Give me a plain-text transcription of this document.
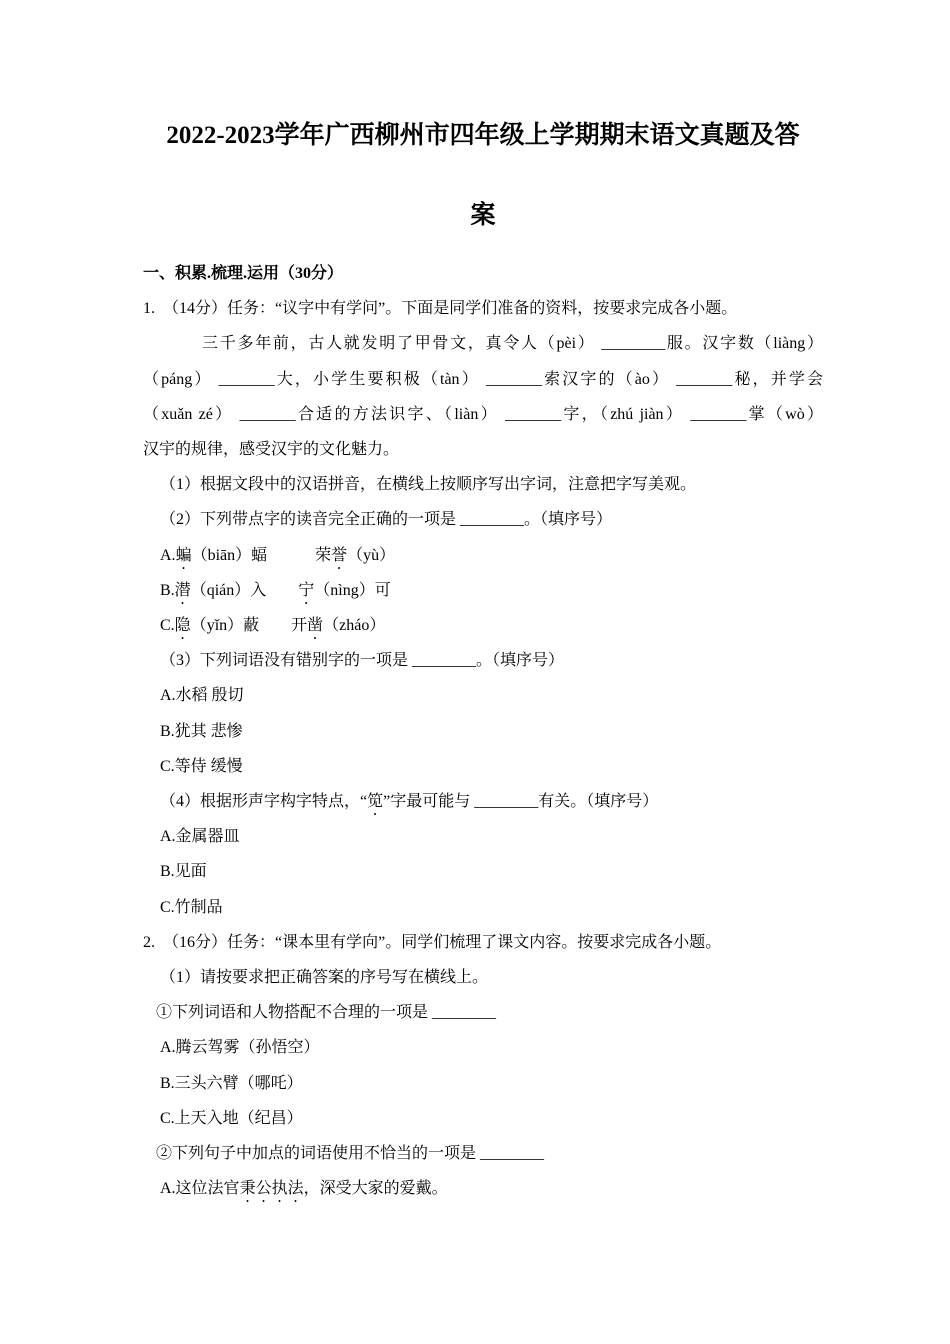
2022-2023学年广西柳州市四年级上学期期末语文真题及答
案

一、积累.梳理.运用（30分）

1.　（14分）任务：“议字中有学问”。下面是同学们准备的资料，按要求完成各小题。

三千多年前，古人就发明了甲骨文，真令人（pèi） ________服。汉字数（liàng）

（páng） _______大，小学生要积极（tàn） _______索汉字的（ào） _______秘，并学会

（xuǎn zé） _______合适的方法识字、（liàn） _______字，（zhú jiàn） _______掌（wò）

汉宇的规律，感受汉宇的文化魅力。

（1）根据文段中的汉语拼音，在横线上按顺序写出字词，注意把字写美观。

（2）下列带点字的读音完全正确的一项是 ________。（填序号）

A.蝙（biān）蝠　　　荣誉（yù）

B.潜（qián）入　　宁（nìng）可

C.隐（yǐn）蔽　　开凿（zháo）

（3）下列词语没有错别字的一项是 ________。（填序号）

A.水稻 殷切

B.犹其 悲惨

C.等侍 缓慢

（4）根据形声字构字特点，“笕”字最可能与 ________有关。（填序号）

A.金属器皿

B.见面

C.竹制品

2.　（16分）任务：“课本里有学向”。同学们梳理了课文内容。按要求完成各小题。

（1）请按要求把正确答案的序号写在横线上。

①下列词语和人物搭配不合理的一项是 ________

A.腾云驾雾（孙悟空）

B.三头六臂（哪吒）

C.上天入地（纪昌）

②下列句子中加点的词语使用不恰当的一项是 ________

A.这位法官秉公执法，深受大家的爱戴。
